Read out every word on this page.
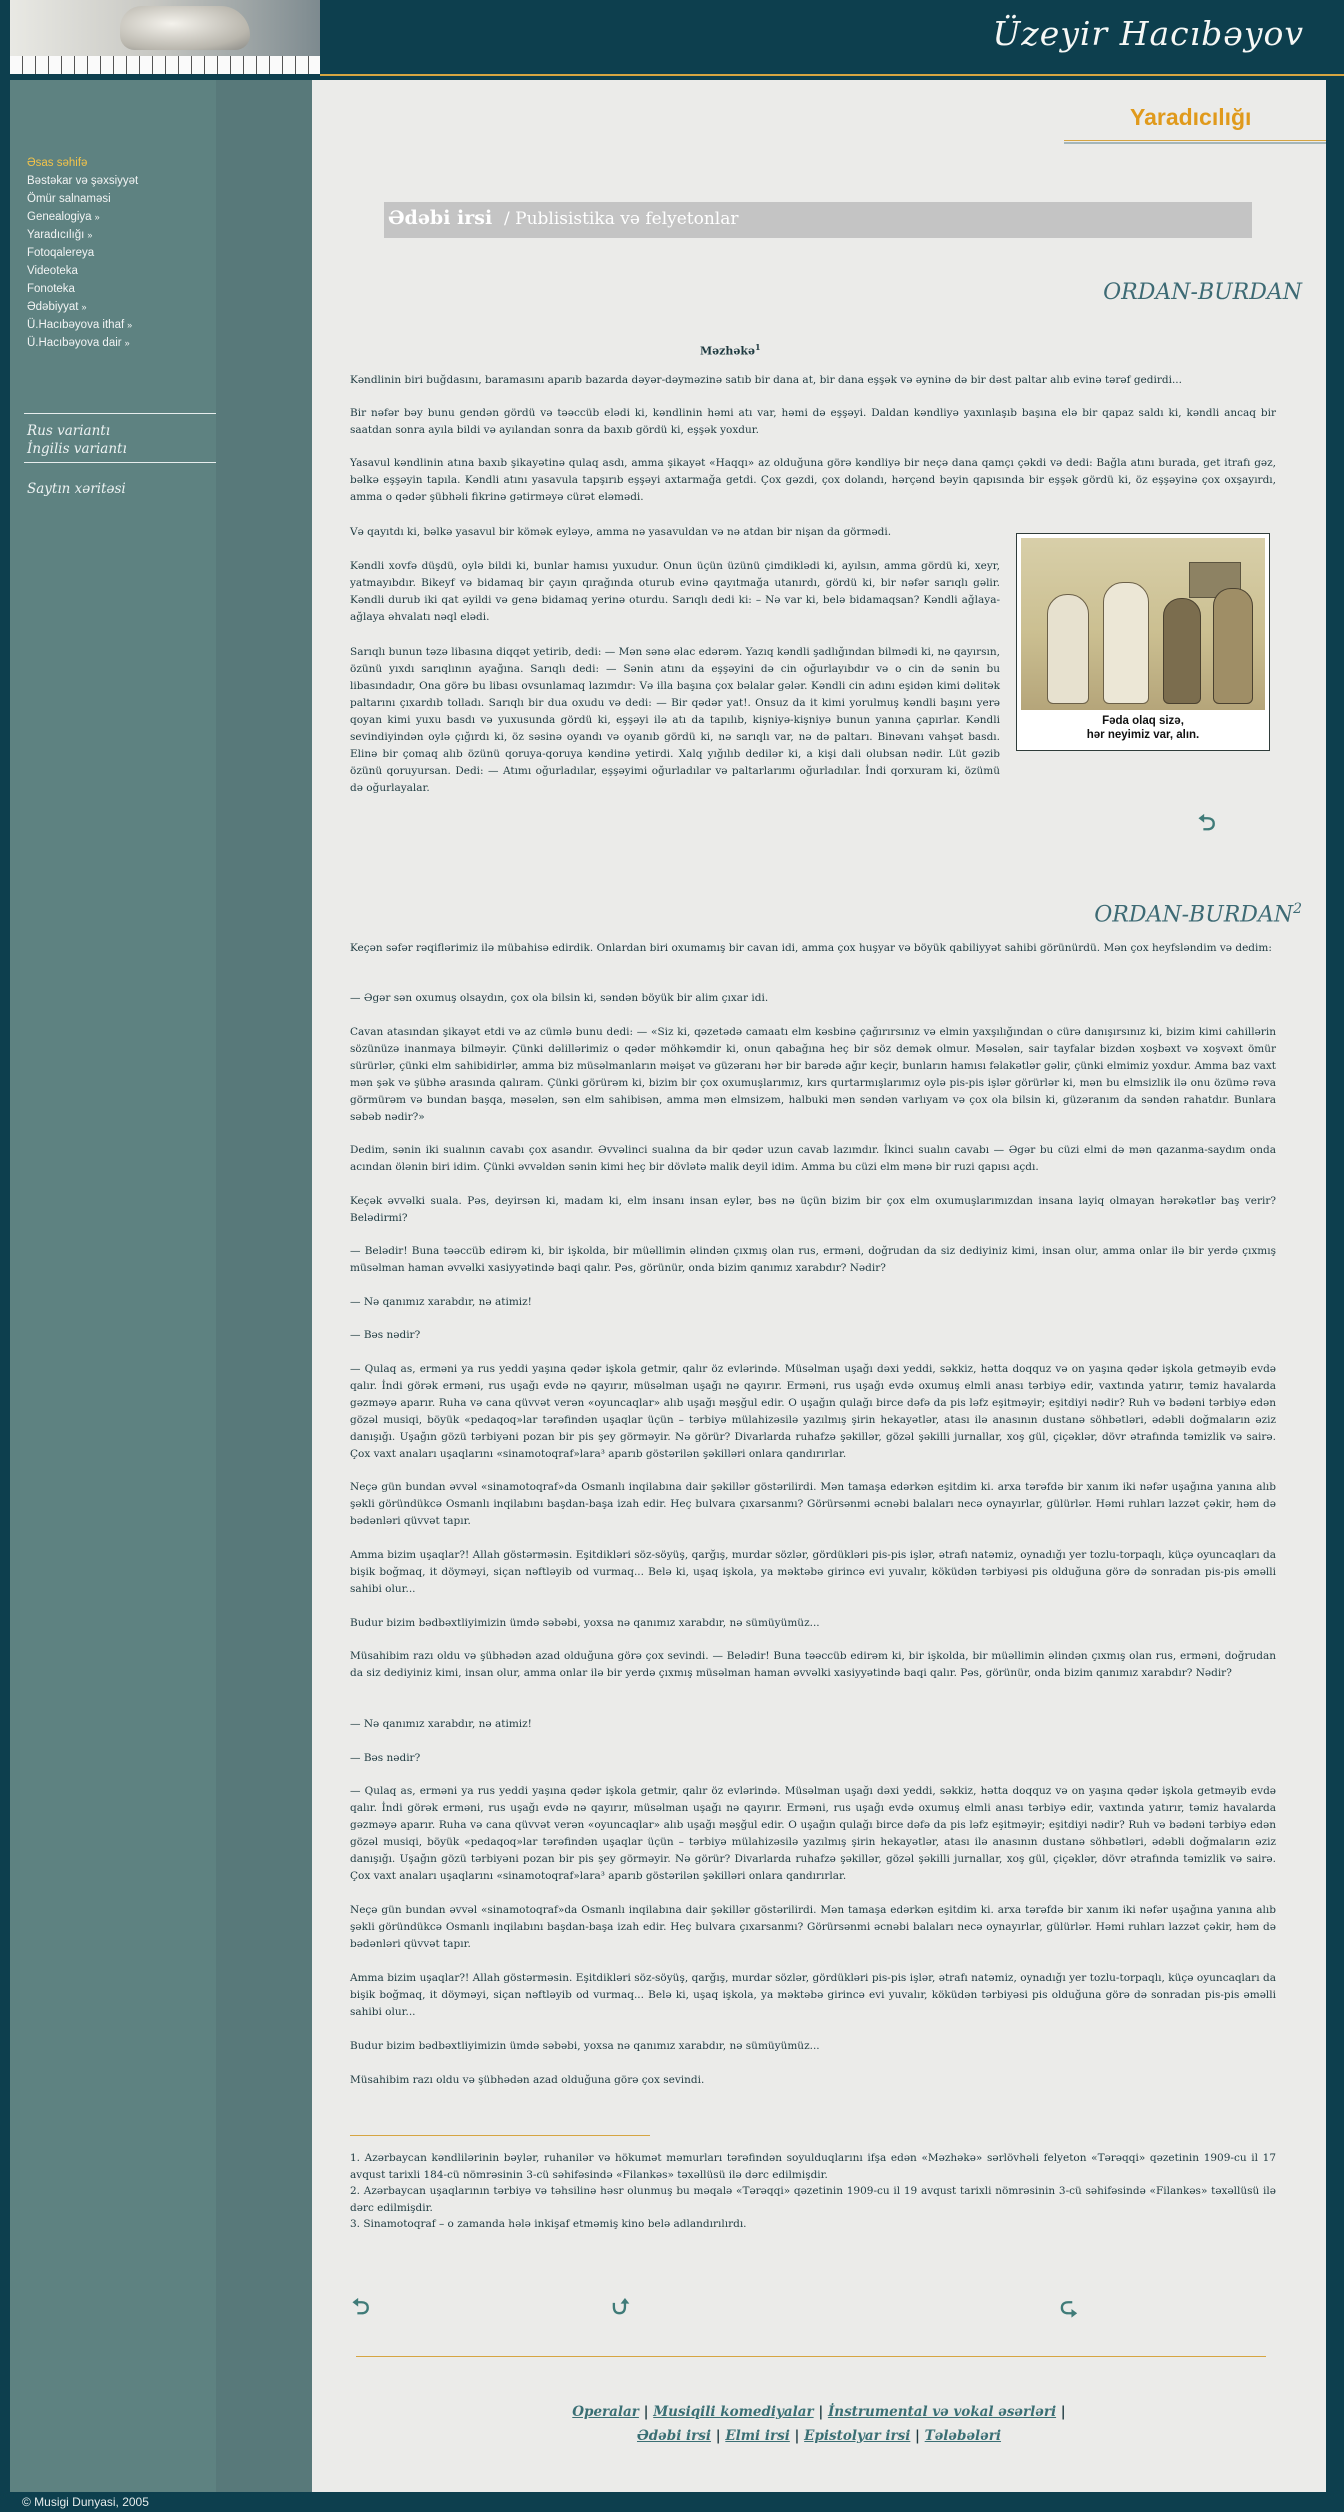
Üzeyir Hacıbəyov
Əsas səhifə
Bəstəkar və şəxsiyyət
Ömür salnaməsi
Genealogiya »
Yaradıcılığı »
Fotoqalereya
Videoteka
Fonoteka
Ədəbiyyat »
Ü.Hacıbəyova ithaf »
Ü.Hacıbəyova dair »
Rus variantı
İngilis variantı
Saytın xəritəsi
Yaradıcılığı
Ədəbi irsi / Publisistika və felyetonlar
ORDAN-BURDAN
Məzhəkə$^1$

Kəndlinin biri buğdasını, baramasını aparıb bazarda dəyər-dəyməzinə satıb bir dana at, bir dana eşşək və əyninə də bir dəst paltar alıb evinə tərəf gedirdi...

Bir nəfər bəy bunu gendən gördü və təəccüb elədi ki, kəndlinin həmi atı var, həmi də eşşəyi. Daldan kəndliyə yaxınlaşıb başına elə bir qapaz saldı ki, kəndli ancaq bir saatdan sonra ayıla bildi və ayılandan sonra da baxıb gördü ki, eşşək yoxdur.

Yasavul kəndlinin atına baxıb şikayətinə qulaq asdı, amma şikayət «Haqqı» az olduğuna görə kəndliyə bir neçə dana qamçı çəkdi və dedi: Bağla atını burada, get itrafı gəz, bəlkə eşşəyin tapıla. Kəndli atını yasavula tapşırıb eşşəyi axtarmağa getdi. Çox gəzdi, çox dolandı, hərçənd bəyin qapısında bir eşşək gördü ki, öz eşşəyinə çox oxşayırdı, amma o qədər şübhəli fikrinə gətirməyə cürət eləmədi.

Və qayıtdı ki, bəlkə yasavul bir kömək eyləyə, amma nə yasavuldan və nə atdan bir nişan da görmədi.

Kəndli xovfə düşdü, oylə bildi ki, bunlar hamısı yuxudur. Onun üçün üzünü çimdiklədi ki, ayılsın, amma gördü ki, xeyr, yatmayıbdır. Bikeyf və bidamaq bir çayın qırağında oturub evinə qayıtmağa utanırdı, gördü ki, bir nəfər sarıqlı gəlir. Kəndli durub iki qat əyildi və genə bidamaq yerinə oturdu. Sarıqlı dedi ki: – Nə var ki, belə bidamaqsan? Kəndli ağlaya-ağlaya əhvalatı nəql elədi.

Sarıqlı bunun təzə libasına diqqət yetirib, dedi: — Mən sənə əlac edərəm. Yazıq kəndli şadlığından bilmədi ki, nə qayırsın, özünü yıxdı sarıqlının ayağına. Sarıqlı dedi: — Sənin atını da eşşəyini də cin oğurlayıbdır və o cin də sənin bu libasındadır, Ona görə bu libası ovsunlamaq lazımdır: Və illa başına çox bəlalar gələr. Kəndli cin adını eşidən kimi dəlitək paltarını çıxardıb tolladı. Sarıqlı bir dua oxudu və dedi: — Bir qədər yat!. Onsuz da it kimi yorulmuş kəndli başını yerə qoyan kimi yuxu basdı və yuxusunda gördü ki, eşşəyi ilə atı da tapılıb, kişniyə-kişniyə bunun yanına çapırlar. Kəndli sevindiyindən oylə çığırdı ki, öz səsinə oyandı və oyanıb gördü ki, nə sarıqlı var, nə də paltarı. Binəvanı vahşət basdı. Elinə bir çomaq alıb özünü qoruya-qoruya kəndinə yetirdi. Xalq yığılıb dedilər ki, a kişi dali olubsan nədir. Lüt gəzib özünü qoruyursan. Dedi: — Atımı oğurladılar, eşşəyimi oğurladılar və paltarlarımı oğurladılar. İndi qorxuram ki, özümü də oğurlayalar.

Fəda olaq sizə,
hər neyimiz var, alın.
⮌
ORDAN-BURDAN$^2$

Keçən səfər rəqiflərimiz ilə mübahisə edirdik. Onlardan biri oxumamış bir cavan idi, amma çox huşyar və böyük qabiliyyət sahibi görünürdü. Mən çox heyfsləndim və dedim:

— Əgər sən oxumuş olsaydın, çox ola bilsin ki, səndən böyük bir alim çıxar idi.

Cavan atasından şikayət etdi və az cümlə bunu dedi: — «Siz ki, qəzetədə camaatı elm kəsbinə çağırırsınız və elmin yaxşılığından o cürə danışırsınız ki, bizim kimi cahillərin sözünüzə inanmaya bilməyir. Çünki dəlillərimiz o qədər möhkəmdir ki, onun qabağına heç bir söz demək olmur. Məsələn, sair tayfalar bizdən xoşbəxt və xoşvəxt ömür sürürlər, çünki elm sahibidirlər, amma biz müsəlmanların məişət və güzəranı hər bir barədə ağır keçir, bunların hamısı fəlakətlər gəlir, çünki elmimiz yoxdur. Amma baz vaxt mən şək və şübhə arasında qalıram. Çünki görürəm ki, bizim bir çox oxumuşlarımız, kırs qurtarmışlarımız oylə pis-pis işlər görürlər ki, mən bu elmsizlik ilə onu özümə rəva görmürəm və bundan başqa, məsələn, sən elm sahibisən, amma mən elmsizəm, halbuki mən səndən varlıyam və çox ola bilsin ki, güzəranım da səndən rahatdır. Bunlara səbəb nədir?»

Dedim, sənin iki sualının cavabı çox asandır. Əvvəlinci sualına da bir qədər uzun cavab lazımdır. İkinci sualın cavabı — Əgər bu cüzi elmi də mən qazanma-saydım onda acından ölənin biri idim. Çünki əvvəldən sənin kimi heç bir dövlətə malik deyil idim. Amma bu cüzi elm mənə bir ruzi qapısı açdı.

Keçək əvvəlki suala. Pəs, deyirsən ki, madam ki, elm insanı insan eylər, bəs nə üçün bizim bir çox elm oxumuşlarımızdan insana layiq olmayan hərəkətlər baş verir? Belədirmi?

— Belədir! Buna təəccüb edirəm ki, bir işkolda, bir müəllimin əlindən çıxmış olan rus, erməni, doğrudan da siz dediyiniz kimi, insan olur, amma onlar ilə bir yerdə çıxmış müsəlman haman əvvəlki xasiyyətində baqi qalır. Pəs, görünür, onda bizim qanımız xarabdır? Nədir?

— Nə qanımız xarabdır, nə atimiz!

— Bəs nədir?

— Qulaq as, erməni ya rus yeddi yaşına qədər işkola getmir, qalır öz evlərində. Müsəlman uşağı dəxi yeddi, səkkiz, hətta doqquz və on yaşına qədər işkola getməyib evdə qalır. İndi görək erməni, rus uşağı evdə nə qayırır, müsəlman uşağı nə qayırır. Erməni, rus uşağı evdə oxumuş elmli anası tərbiyə edir, vaxtında yatırır, təmiz havalarda gəzməyə aparır. Ruha və cana qüvvət verən «oyuncaqlar» alıb uşağı məşğul edir. O uşağın qulağı birce dəfə da pis ləfz eşitməyir; eşitdiyi nədir? Ruh və bədəni tərbiyə edən gözəl musiqi, böyük «pedaqoq»lar tərəfindən uşaqlar üçün – tərbiyə mülahizəsilə yazılmış şirin hekayətlər, atası ilə anasının dustanə söhbətləri, ədəbli doğmaların əziz danışığı. Uşağın gözü tərbiyəni pozan bir pis şey görməyir. Nə görür? Divarlarda ruhafzə şəkillər, gözəl şəkilli jurnallar, xoş gül, çiçəklər, dövr ətrafında təmizlik və sairə. Çox vaxt anaları uşaqlarını «sinamotoqraf»lara³ aparıb göstərilən şəkilləri onlara qandırırlar.

Neçə gün bundan əvvəl «sinamotoqraf»da Osmanlı inqilabına dair şəkillər göstərilirdi. Mən tamaşa edərkən eşitdim ki. arxa tərəfdə bir xanım iki nəfər uşağına yanına alıb şəkli göründükcə Osmanlı inqilabını başdan-başa izah edir. Heç bulvara çıxarsanmı? Görürsənmi əcnəbi balaları necə oynayırlar, gülürlər. Həmi ruhları lazzət çəkir, həm də bədənləri qüvvət tapır.

Amma bizim uşaqlar?! Allah göstərməsin. Eşitdikləri söz-söyüş, qarğış, murdar sözlər, gördükləri pis-pis işlər, ətrafı natəmiz, oynadığı yer tozlu-torpaqlı, küçə oyuncaqları da bişik boğmaq, it döyməyi, siçan nəftləyib od vurmaq... Belə ki, uşaq işkola, ya məktəbə girincə evi yuvalır, köküdən tərbiyəsi pis olduğuna görə də sonradan pis-pis əməlli sahibi olur...

Budur bizim bədbəxtliyimizin ümdə səbəbi, yoxsa nə qanımız xarabdır, nə sümüyümüz...

Müsahibim razı oldu və şübhədən azad olduğuna görə çox sevindi. — Belədir! Buna təəccüb edirəm ki, bir işkolda, bir müəllimin əlindən çıxmış olan rus, erməni, doğrudan da siz dediyiniz kimi, insan olur, amma onlar ilə bir yerdə çıxmış müsəlman haman əvvəlki xasiyyətində baqi qalır. Pəs, görünür, onda bizim qanımız xarabdır? Nədir?

— Nə qanımız xarabdır, nə atimiz!

— Bəs nədir?

— Qulaq as, erməni ya rus yeddi yaşına qədər işkola getmir, qalır öz evlərində. Müsəlman uşağı dəxi yeddi, səkkiz, hətta doqquz və on yaşına qədər işkola getməyib evdə qalır. İndi görək erməni, rus uşağı evdə nə qayırır, müsəlman uşağı nə qayırır. Erməni, rus uşağı evdə oxumuş elmli anası tərbiyə edir, vaxtında yatırır, təmiz havalarda gəzməyə aparır. Ruha və cana qüvvət verən «oyuncaqlar» alıb uşağı məşğul edir. O uşağın qulağı birce dəfə da pis ləfz eşitməyir; eşitdiyi nədir? Ruh və bədəni tərbiyə edən gözəl musiqi, böyük «pedaqoq»lar tərəfindən uşaqlar üçün – tərbiyə mülahizəsilə yazılmış şirin hekayətlər, atası ilə anasının dustanə söhbətləri, ədəbli doğmaların əziz danışığı. Uşağın gözü tərbiyəni pozan bir pis şey görməyir. Nə görür? Divarlarda ruhafzə şəkillər, gözəl şəkilli jurnallar, xoş gül, çiçəklər, dövr ətrafında təmizlik və sairə. Çox vaxt anaları uşaqlarını «sinamotoqraf»lara³ aparıb göstərilən şəkilləri onlara qandırırlar.

Neçə gün bundan əvvəl «sinamotoqraf»da Osmanlı inqilabına dair şəkillər göstərilirdi. Mən tamaşa edərkən eşitdim ki. arxa tərəfdə bir xanım iki nəfər uşağına yanına alıb şəkli göründükcə Osmanlı inqilabını başdan-başa izah edir. Heç bulvara çıxarsanmı? Görürsənmi əcnəbi balaları necə oynayırlar, gülürlər. Həmi ruhları lazzət çəkir, həm də bədənləri qüvvət tapır.

Amma bizim uşaqlar?! Allah göstərməsin. Eşitdikləri söz-söyüş, qarğış, murdar sözlər, gördükləri pis-pis işlər, ətrafı natəmiz, oynadığı yer tozlu-torpaqlı, küçə oyuncaqları da bişik boğmaq, it döyməyi, siçan nəftləyib od vurmaq... Belə ki, uşaq işkola, ya məktəbə girincə evi yuvalır, köküdən tərbiyəsi pis olduğuna görə də sonradan pis-pis əməlli sahibi olur...

Budur bizim bədbəxtliyimizin ümdə səbəbi, yoxsa nə qanımız xarabdır, nə sümüyümüz...

Müsahibim razı oldu və şübhədən azad olduğuna görə çox sevindi.

1. Azərbaycan kəndlilərinin bəylər, ruhanilər və hökumət məmurları tərəfindən soyulduqlarını ifşa edən «Məzhəkə» sərlövhəli felyeton «Tərəqqi» qəzetinin 1909-cu il 17 avqust tarixli 184-cü nömrəsinin 3-cü səhifəsində «Filankəs» təxəllüsü ilə dərc edilmişdir.

2. Azərbaycan uşaqlarının tərbiyə və təhsilinə həsr olunmuş bu məqalə «Tərəqqi» qəzetinin 1909-cu il 19 avqust tarixli nömrəsinin 3-cü səhifəsində «Filankəs» təxəllüsü ilə dərc edilmişdir.

3. Sinamotoqraf – o zamanda hələ inkişaf etməmiş kino belə adlandırılırdı.

⮌	⮍	⮎
Operalar | Musiqili komediyalar | İnstrumental və vokal əsərləri |
Ədəbi irsi | Elmi irsi | Epistolyar irsi | Tələbələri
© Musigi Dunyasi, 2005
